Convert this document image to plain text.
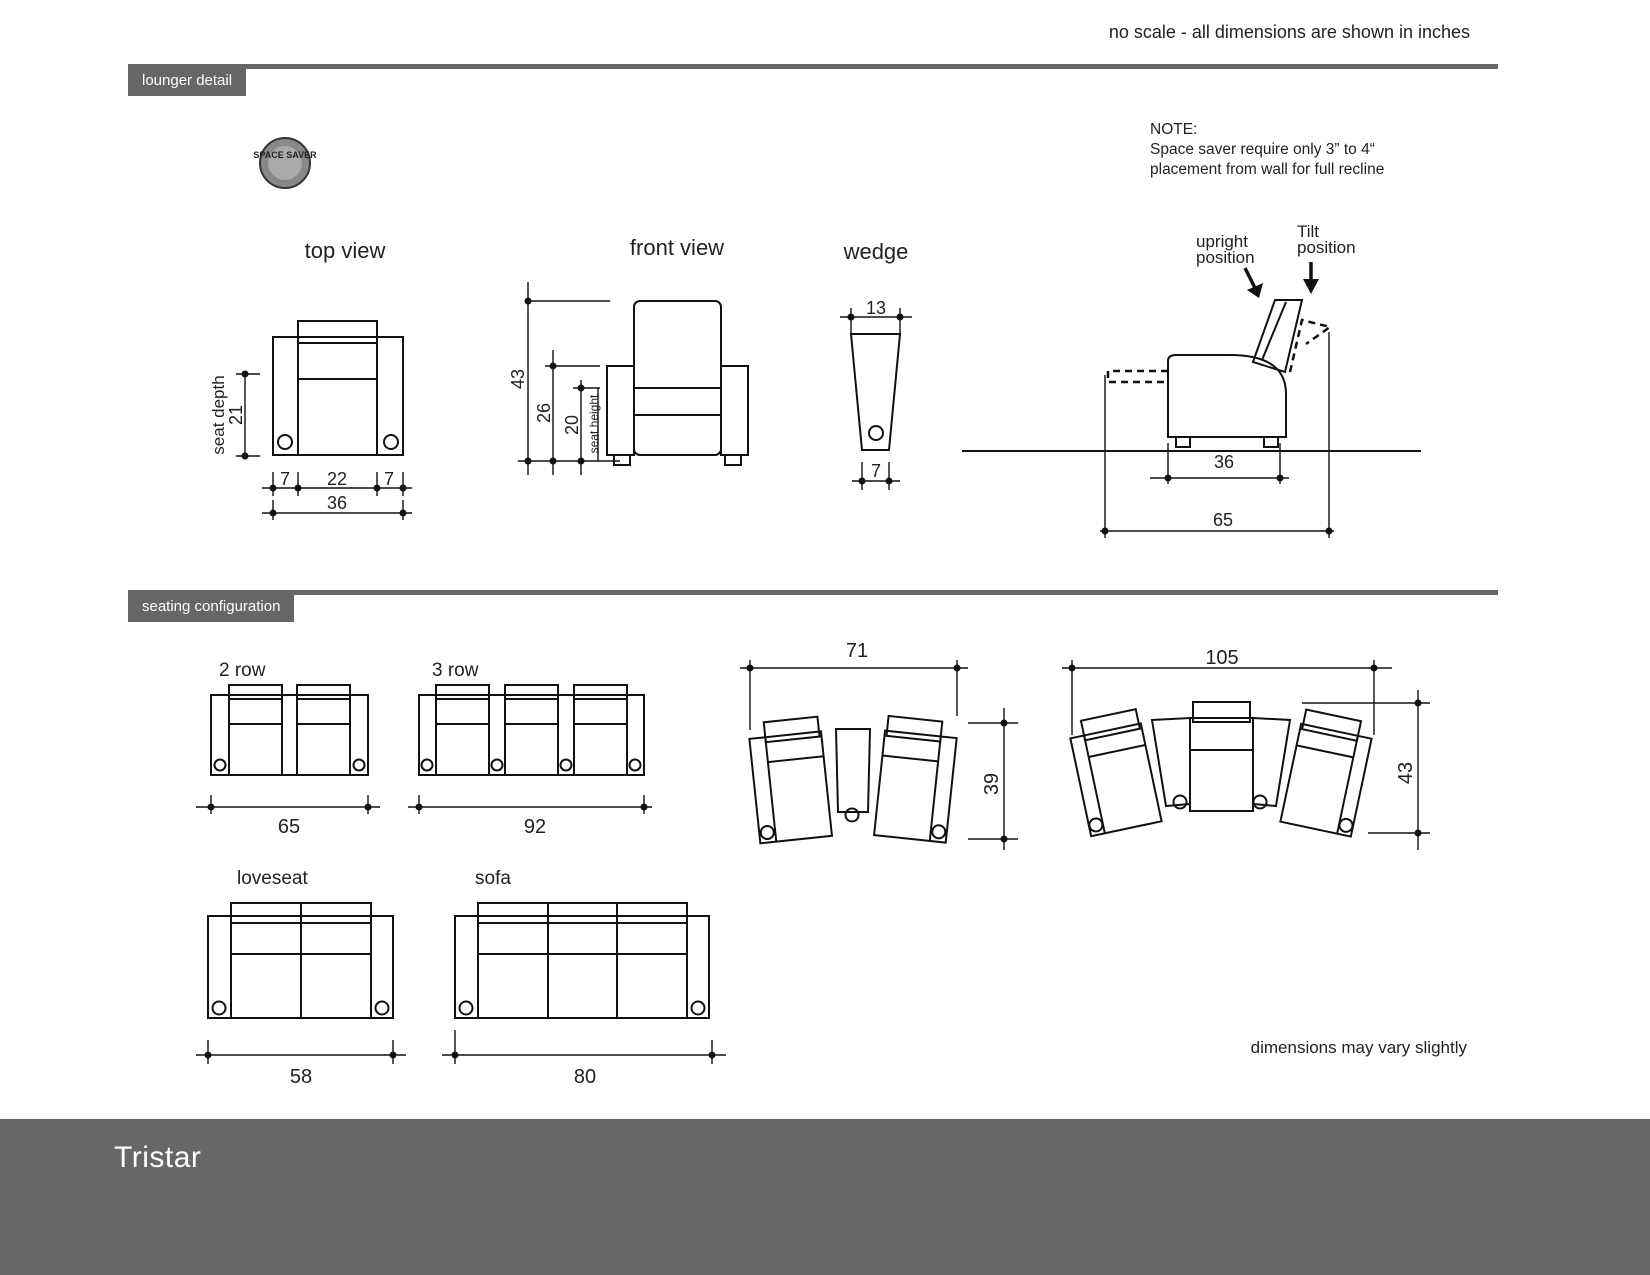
no scale - all dimensions are shown in inches
lounger detail
seating configuration
NOTE:
Space saver require only 3” to 4“
placement from wall for full recline
dimensions may vary slightly
Tristar
SPACE SAVER
top view
seat depth
21
7 22 7
36
front view
43
26
20 seat height
wedge
13
7
upright
position
Tilt
position
36
65
2 row
65
3 row
92
71
39
105
43
loveseat
58
sofa
80
